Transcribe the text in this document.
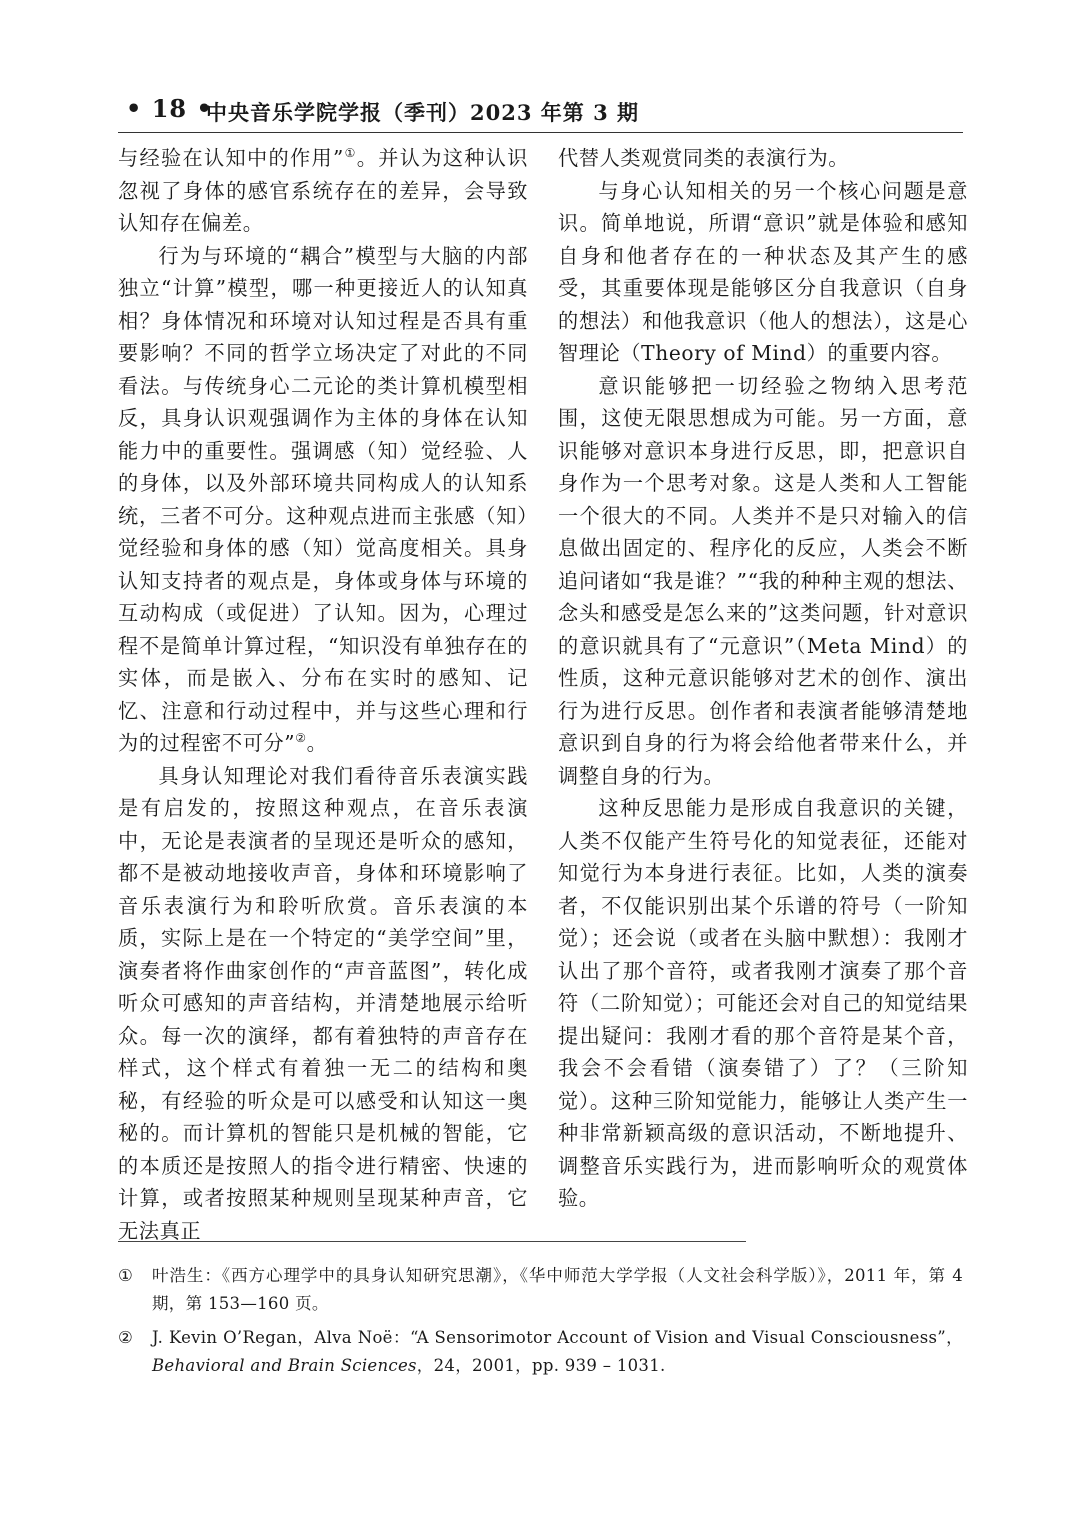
• 18 •
中央音乐学院学报（季刊）2023 年第 3 期

与经验在认知中的作用”①。并认为这种认识忽视了身体的感官系统存在的差异，会导致认知存在偏差。

行为与环境的“耦合”模型与大脑的内部独立“计算”模型，哪一种更接近人的认知真相？身体情况和环境对认知过程是否具有重要影响？不同的哲学立场决定了对此的不同看法。与传统身心二元论的类计算机模型相反，具身认识观强调作为主体的身体在认知能力中的重要性。强调感（知）觉经验、人的身体，以及外部环境共同构成人的认知系统，三者不可分。这种观点进而主张感（知）觉经验和身体的感（知）觉高度相关。具身认知支持者的观点是，身体或身体与环境的互动构成（或促进）了认知。因为，心理过程不是简单计算过程，“知识没有单独存在的实体，而是嵌入、分布在实时的感知、记忆、注意和行动过程中，并与这些心理和行为的过程密不可分”②。

具身认知理论对我们看待音乐表演实践是有启发的，按照这种观点，在音乐表演中，无论是表演者的呈现还是听众的感知，都不是被动地接收声音，身体和环境影响了音乐表演行为和聆听欣赏。音乐表演的本质，实际上是在一个特定的“美学空间”里，演奏者将作曲家创作的“声音蓝图”，转化成听众可感知的声音结构，并清楚地展示给听众。每一次的演绎，都有着独特的声音存在样式，这个样式有着独一无二的结构和奥秘，有经验的听众是可以感受和认知这一奥秘的。而计算机的智能只是机械的智能，它的本质还是按照人的指令进行精密、快速的计算，或者按照某种规则呈现某种声音，它无法真正

代替人类观赏同类的表演行为。

与身心认知相关的另一个核心问题是意识。简单地说，所谓“意识”就是体验和感知自身和他者存在的一种状态及其产生的感受，其重要体现是能够区分自我意识（自身的想法）和他我意识（他人的想法），这是心智理论（Theory of Mind）的重要内容。

意识能够把一切经验之物纳入思考范围，这使无限思想成为可能。另一方面，意识能够对意识本身进行反思，即，把意识自身作为一个思考对象。这是人类和人工智能一个很大的不同。人类并不是只对输入的信息做出固定的、程序化的反应，人类会不断追问诸如“我是谁？”“我的种种主观的想法、念头和感受是怎么来的”这类问题，针对意识的意识就具有了“元意识”（Meta Mind）的性质，这种元意识能够对艺术的创作、演出行为进行反思。创作者和表演者能够清楚地意识到自身的行为将会给他者带来什么，并调整自身的行为。

这种反思能力是形成自我意识的关键，人类不仅能产生符号化的知觉表征，还能对知觉行为本身进行表征。比如，人类的演奏者，不仅能识别出某个乐谱的符号（一阶知觉）；还会说（或者在头脑中默想）：我刚才认出了那个音符，或者我刚才演奏了那个音符（二阶知觉）；可能还会对自己的知觉结果提出疑问：我刚才看的那个音符是某个音，我会不会看错（演奏错了）了？（三阶知觉）。这种三阶知觉能力，能够让人类产生一种非常新颖高级的意识活动，不断地提升、调整音乐实践行为，进而影响听众的观赏体验。

① 叶浩生：《西方心理学中的具身认知研究思潮》，《华中师范大学学报（人文社会科学版）》，2011 年，第 4 期，第 153—160 页。
② J. Kevin O’Regan，Alva Noë：“A Sensorimotor Account of Vision and Visual Consciousness”，Behavioral and Brain Sciences，24，2001，pp. 939 – 1031.
